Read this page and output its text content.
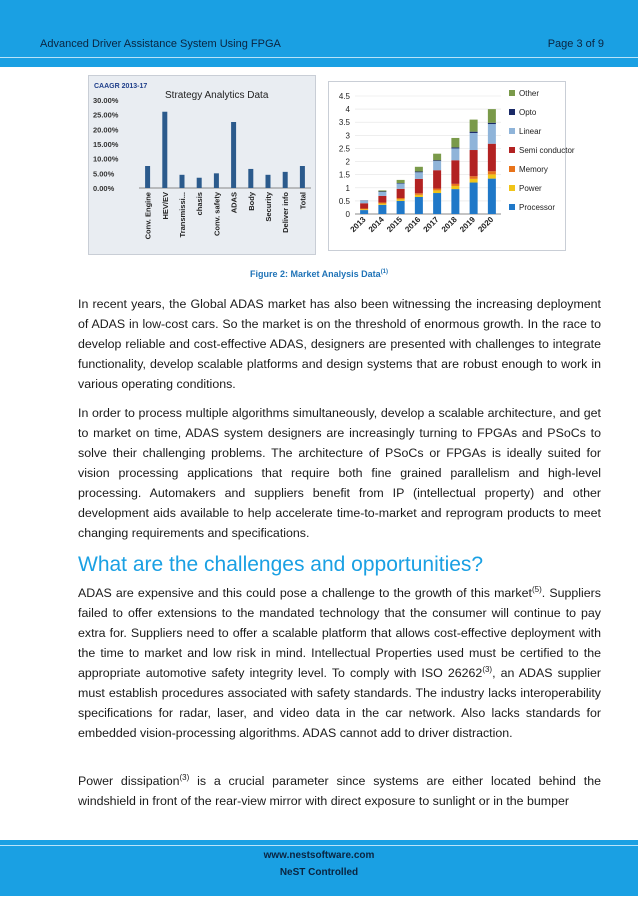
Advanced Driver Assistance System Using FPGA	Page 3 of 9
CAAGR 2013-17
Strategy Analytics Data
0.00%
5.00%
10.00%
15.00%
20.00%
25.00%
30.00%
Conv. Engine HEV/EV Transmissi... chasis Conv. safety ADAS Body Security Deliver info Total
0
0.5
1
1.5
2
2.5
3
3.5
4
4.5
2013 2014 2015 2016 2017 2018 2019 2020
Other
Opto
Linear
Semi conductor
Memory
Power
Processor
Figure 2: Market Analysis Data$^{(1)}$
In recent years, the Global ADAS market has also been witnessing the increasing deployment of ADAS in low-cost cars. So the market is on the threshold of enormous growth. In the race to develop reliable and cost-effective ADAS, designers are presented with challenges to integrate functionality, develop scalable platforms and design systems that are robust enough to work in various operating conditions.
In order to process multiple algorithms simultaneously, develop a scalable architecture, and get to market on time, ADAS system designers are increasingly turning to FPGAs and PSoCs to solve their challenging problems. The architecture of PSoCs or FPGAs is ideally suited for vision processing applications that require both fine grained parallelism and high-level processing. Automakers and suppliers benefit from IP (intellectual property) and other development aids available to help accelerate time-to-market and reprogram products to meet changing requirements and specifications.
What are the challenges and opportunities?
ADAS are expensive and this could pose a challenge to the growth of this market$^{(5)}$. Suppliers failed to offer extensions to the mandated technology that the consumer will continue to pay extra for. Suppliers need to offer a scalable platform that allows cost-effective deployment with the time to market and low risk in mind. Intellectual Properties used must be certified to the appropriate automotive safety integrity level. To comply with ISO 26262$^{(3)}$, an ADAS supplier must establish procedures associated with safety standards. The industry lacks interoperability specifications for radar, laser, and video data in the car network. Also lacks standards for embedded vision-processing algorithms. ADAS cannot add to driver distraction.
Power dissipation$^{(3)}$ is a crucial parameter since systems are either located behind the windshield in front of the rear-view mirror with direct exposure to sunlight or in the bumper
www.nestsoftware.com
NeST Controlled
